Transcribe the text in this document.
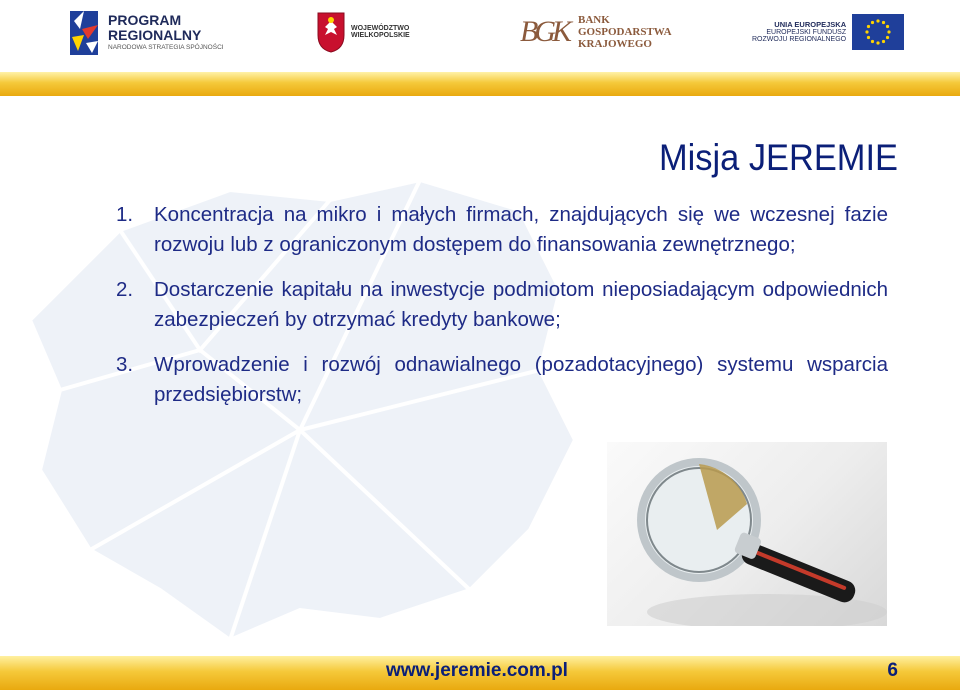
PROGRAM
REGIONALNY
NARODOWA STRATEGIA SPÓJNOŚCI
WOJEWÓDZTWO
WIELKOPOLSKIE	BGK BANK
GOSPODARSTWA
KRAJOWEGO
UNIA EUROPEJSKA
EUROPEJSKI FUNDUSZ
ROZWOJU REGIONALNEGO
Misja JEREMIE
1. Koncentracja na mikro i małych firmach, znajdujących się we wczesnej fazie rozwoju lub z ograniczonym dostępem do finansowania zewnętrznego;
2. Dostarczenie kapitału na inwestycje podmiotom nieposiadającym odpowiednich zabezpieczeń by otrzymać kredyty bankowe;
3. Wprowadzenie i rozwój odnawialnego (pozadotacyjnego) systemu wsparcia przedsiębiorstw;
www.jeremie.com.pl	6
